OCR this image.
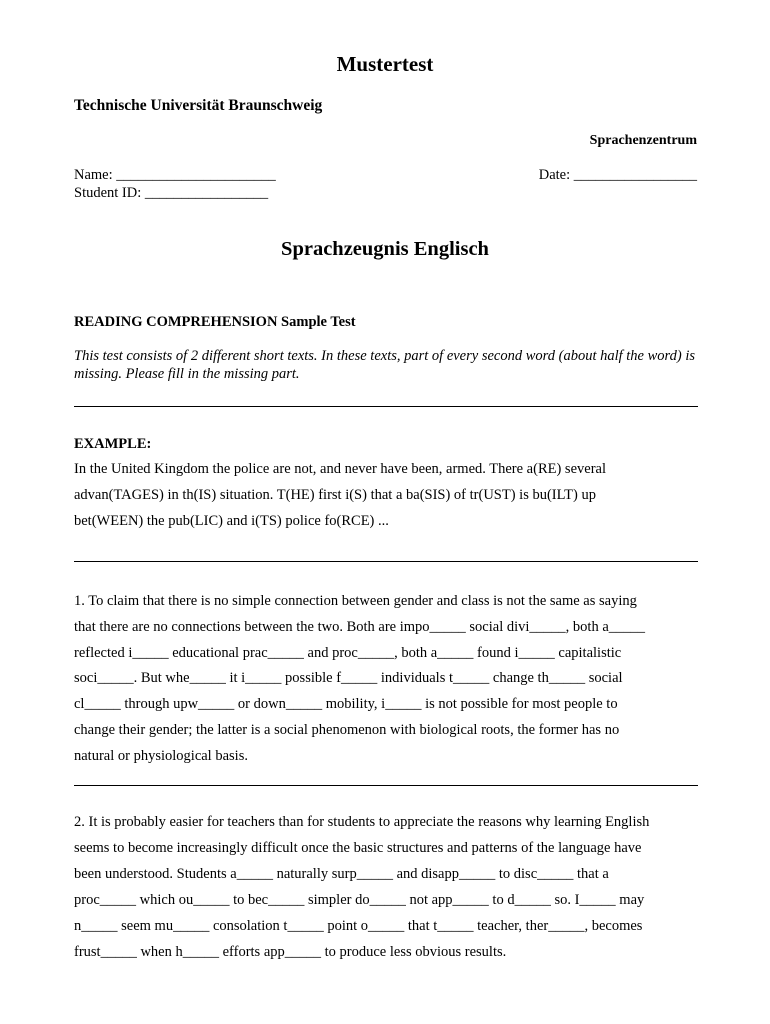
Mustertest
Technische Universität Braunschweig
Sprachenzentrum
Name: ______________________	Date: _________________
Student ID: _________________
Sprachzeugnis Englisch
READING COMPREHENSION Sample Test
This test consists of 2 different short texts. In these texts, part of every second word (about half the word) is missing. Please fill in the missing part.
EXAMPLE:
In the United Kingdom the police are not, and never have been, armed. There a(RE) several
advan(TAGES) in th(IS) situation. T(HE) first i(S) that a ba(SIS) of tr(UST) is bu(ILT) up
bet(WEEN) the pub(LIC) and i(TS) police fo(RCE) ...
1. To claim that there is no simple connection between gender and class is not the same as saying
that there are no connections between the two. Both are impo_____ social divi_____, both a_____
reflected i_____ educational prac_____ and proc_____, both a_____ found i_____ capitalistic
soci_____. But whe_____ it i_____ possible f_____ individuals t_____ change th_____ social
cl_____ through upw_____ or down_____ mobility, i_____ is not possible for most people to
change their gender; the latter is a social phenomenon with biological roots, the former has no
natural or physiological basis.
2. It is probably easier for teachers than for students to appreciate the reasons why learning English
seems to become increasingly difficult once the basic structures and patterns of the language have
been understood. Students a_____ naturally surp_____ and disapp_____ to disc_____ that a
proc_____ which ou_____ to bec_____ simpler do_____ not app_____ to d_____ so. I_____ may
n_____ seem mu_____ consolation t_____ point o_____ that t_____ teacher, ther_____, becomes
frust_____ when h_____ efforts app_____ to produce less obvious results.
